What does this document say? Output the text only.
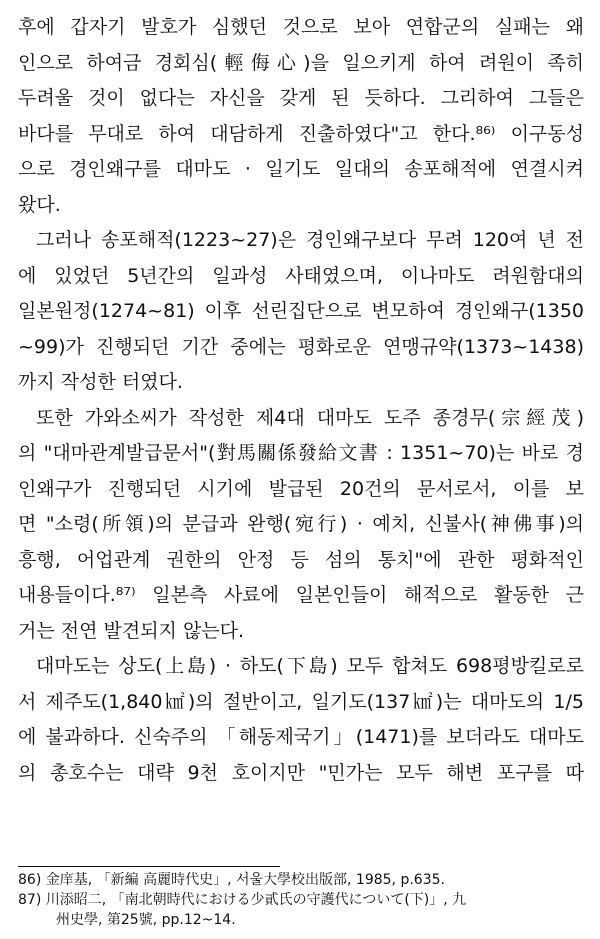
후에 갑자기 발호가 심했던 것으로 보아 연합군의 실패는 왜
인으로 하여금 경회심(輕侮心)을 일으키게 하여 려원이 족히
두려울 것이 없다는 자신을 갖게 된 듯하다. 그리하여 그들은
바다를 무대로 하여 대담하게 진출하였다"고 한다.⁸⁶⁾ 이구동성
으로 경인왜구를 대마도 · 일기도 일대의 송포해적에 연결시켜
왔다.
그러나 송포해적(1223~27)은 경인왜구보다 무려 120여 년 전
에 있었던 5년간의 일과성 사태였으며, 이나마도 려원함대의
일본원정(1274~81) 이후 선린집단으로 변모하여 경인왜구(1350
~99)가 진행되던 기간 중에는 평화로운 연맹규약(1373~1438)
까지 작성한 터였다.
또한 가와소씨가 작성한 제4대 대마도 도주 종경무(宗經茂)
의 "대마관계발급문서"(對馬關係發給文書 : 1351~70)는 바로 경
인왜구가 진행되던 시기에 발급된 20건의 문서로서, 이를 보
면 "소령(所領)의 분급과 완행(宛行) · 예치, 신불사(神佛事)의
흥행, 어업관계 권한의 안정 등 섬의 통치"에 관한 평화적인
내용들이다.⁸⁷⁾ 일본측 사료에 일본인들이 해적으로 활동한 근
거는 전연 발견되지 않는다.
대마도는 상도(上島) · 하도(下島) 모두 합쳐도 698평방킬로로
서 제주도(1,840㎢)의 절반이고, 일기도(137㎢)는 대마도의 1/5
에 불과하다. 신숙주의 「해동제국기」(1471)를 보더라도 대마도
의 총호수는 대략 9천 호이지만 "민가는 모두 해변 포구를 따
86) 金庠基, 「新編 高麗時代史」, 서울大學校出版部, 1985, p.635.
87) 川添昭二, 「南北朝時代における少貳氏の守護代について(下)」, 九
州史學, 第25號, pp.12~14.
